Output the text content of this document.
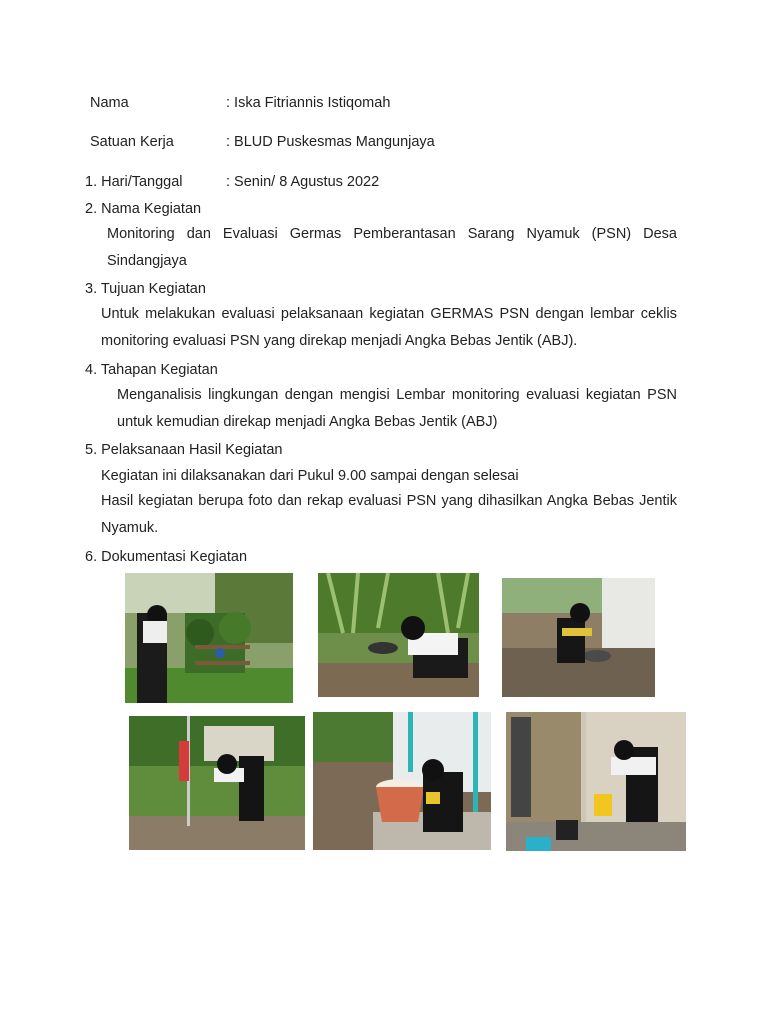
Nama	: Iska Fitriannis Istiqomah
Satuan Kerja	: BLUD Puskesmas Mangunjaya
1. Hari/Tanggal	: Senin/ 8 Agustus 2022
2. Nama Kegiatan
Monitoring dan Evaluasi Germas Pemberantasan Sarang Nyamuk (PSN) Desa Sindangjaya
3. Tujuan Kegiatan
Untuk melakukan evaluasi pelaksanaan kegiatan GERMAS PSN dengan lembar ceklis monitoring evaluasi PSN yang direkap menjadi Angka Bebas Jentik (ABJ).
4. Tahapan Kegiatan
Menganalisis lingkungan dengan mengisi Lembar monitoring evaluasi kegiatan PSN untuk kemudian direkap menjadi Angka Bebas Jentik (ABJ)
5. Pelaksanaan Hasil Kegiatan
Kegiatan ini dilaksanakan dari Pukul 9.00 sampai dengan selesai
Hasil kegiatan berupa foto dan rekap evaluasi PSN yang dihasilkan Angka Bebas Jentik Nyamuk.
6. Dokumentasi Kegiatan
